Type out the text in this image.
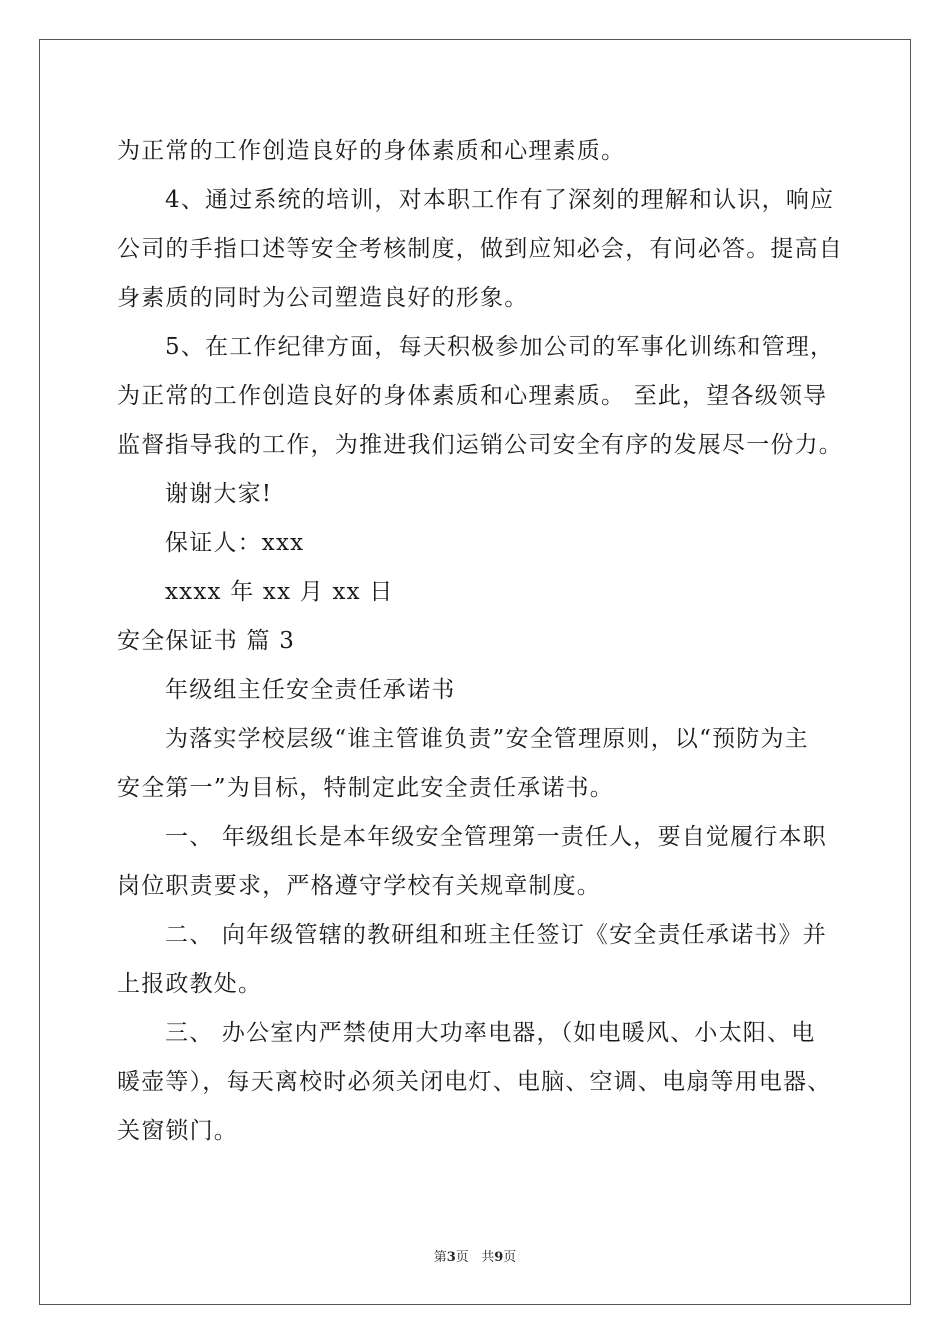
为正常的工作创造良好的身体素质和心理素质。
4、通过系统的培训，对本职工作有了深刻的理解和认识，响应
公司的手指口述等安全考核制度，做到应知必会，有问必答。提高自
身素质的同时为公司塑造良好的形象。
5、在工作纪律方面，每天积极参加公司的军事化训练和管理，
为正常的工作创造良好的身体素质和心理素质。 至此，望各级领导
监督指导我的工作，为推进我们运销公司安全有序的发展尽一份力。
谢谢大家!
保证人：xxx
xxxx 年 xx 月 xx 日
安全保证书 篇 3
年级组主任安全责任承诺书
为落实学校层级“谁主管谁负责”安全管理原则，以“预防为主
安全第一”为目标，特制定此安全责任承诺书。
一、 年级组长是本年级安全管理第一责任人，要自觉履行本职
岗位职责要求，严格遵守学校有关规章制度。
二、 向年级管辖的教研组和班主任签订《安全责任承诺书》并
上报政教处。
三、 办公室内严禁使用大功率电器，（如电暖风、小太阳、电
暖壶等），每天离校时必须关闭电灯、电脑、空调、电扇等用电器、
关窗锁门。
第3页 共9页
